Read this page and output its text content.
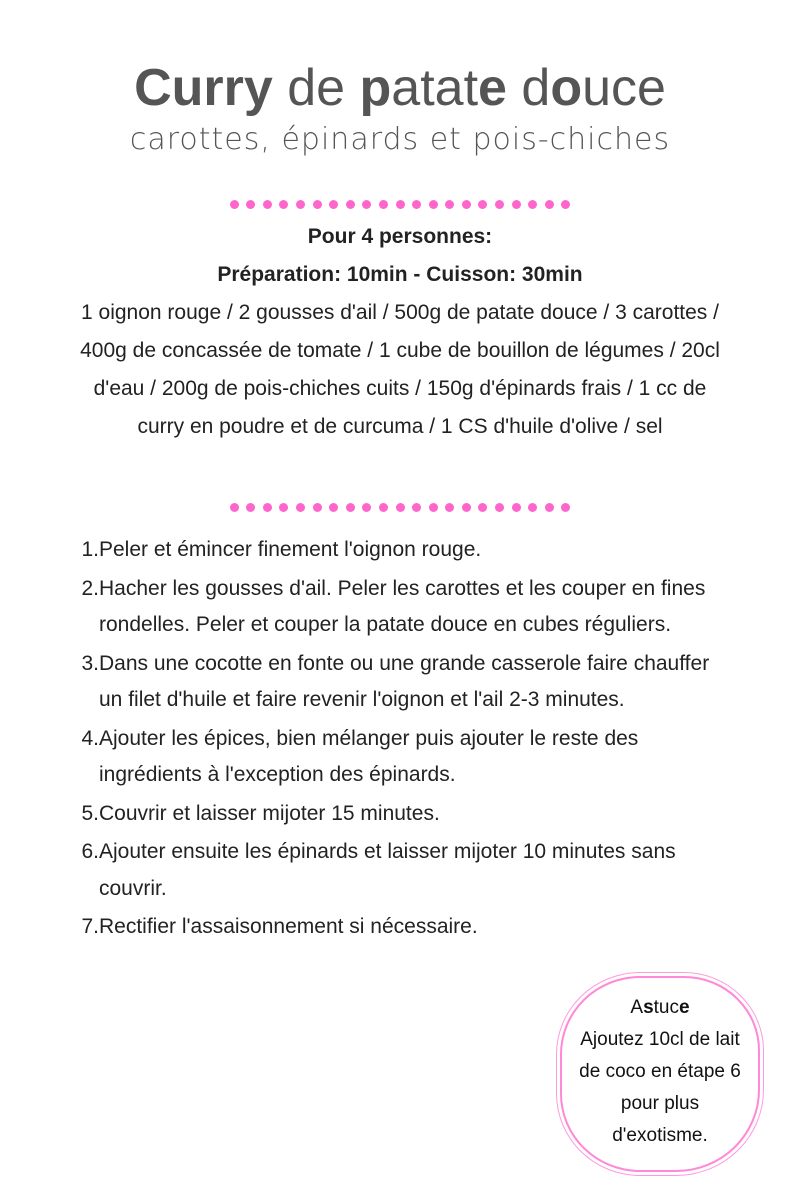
Curry de patate douce
carottes, épinards et pois-chiches
Pour 4 personnes:
Préparation: 10min - Cuisson: 30min
1 oignon rouge / 2 gousses d'ail / 500g de patate douce / 3 carottes / 400g de concassée de tomate / 1 cube de bouillon de légumes / 20cl d'eau / 200g de pois-chiches cuits / 150g d'épinards frais / 1 cc de curry en poudre et de curcuma / 1 CS d'huile d'olive / sel
1. Peler et émincer finement l'oignon rouge.
2. Hacher les gousses d'ail. Peler les carottes et les couper en fines rondelles. Peler et couper la patate douce en cubes réguliers.
3. Dans une cocotte en fonte ou une grande casserole faire chauffer un filet d'huile et faire revenir l'oignon et l'ail 2-3 minutes.
4. Ajouter les épices, bien mélanger puis ajouter le reste des ingrédients à l'exception des épinards.
5. Couvrir et laisser mijoter 15 minutes.
6. Ajouter ensuite les épinards et laisser mijoter 10 minutes sans couvrir.
7. Rectifier l'assaisonnement si nécessaire.
Astuce
Ajoutez 10cl de lait de coco en étape 6 pour plus d'exotisme.
